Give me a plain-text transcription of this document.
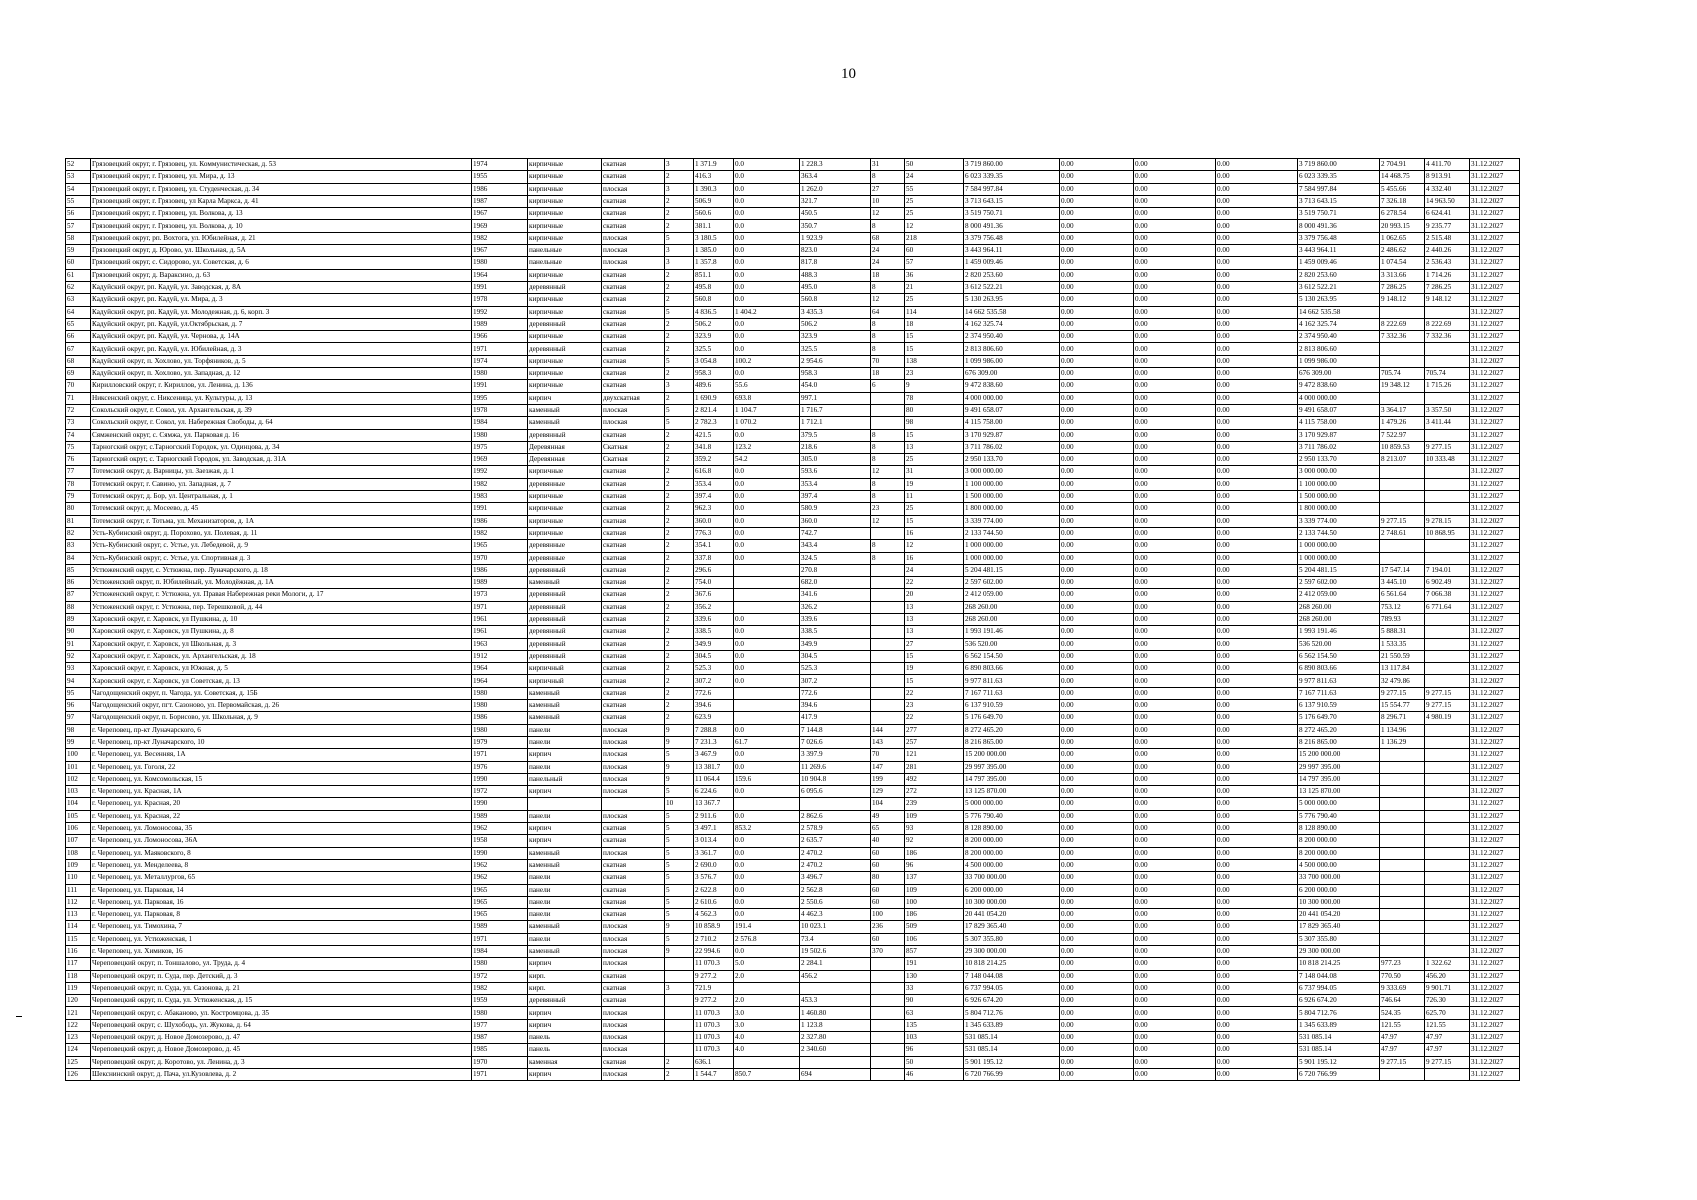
10
52	Грязовецкий округ, г. Грязовец, ул. Коммунистическая, д. 53	1974	кирпичные	скатная	3	1 371.9	0.0	1 228.3	31	50	3 719 860.00	0.00	0.00	0.00	3 719 860.00	2 704.91	4 411.70	31.12.2027
53	Грязовецкий округ, г. Грязовец, ул. Мира, д. 13	1955	кирпичные	скатная	2	416.3	0.0	363.4	8	24	6 023 339.35	0.00	0.00	0.00	6 023 339.35	14 468.75	8 913.91	31.12.2027
54	Грязовецкий округ, г. Грязовец, ул. Студенческая, д. 34	1986	кирпичные	плоская	3	1 390.3	0.0	1 262.0	27	55	7 584 997.84	0.00	0.00	0.00	7 584 997.84	5 455.66	4 332.40	31.12.2027
55	Грязовецкий округ, г. Грязовец, ул Карла Маркса, д. 41	1987	кирпичные	скатная	2	506.9	0.0	321.7	10	25	3 713 643.15	0.00	0.00	0.00	3 713 643.15	7 326.18	14 963.50	31.12.2027
56	Грязовецкий округ, г. Грязовец, ул. Волкова, д. 13	1967	кирпичные	скатная	2	560.6	0.0	450.5	12	25	3 519 750.71	0.00	0.00	0.00	3 519 750.71	6 278.54	6 624.41	31.12.2027
57	Грязовецкий округ, г. Грязовец, ул. Волкова, д. 10	1969	кирпичные	скатная	2	381.1	0.0	350.7	8	12	8 000 491.36	0.00	0.00	0.00	8 000 491.36	20 993.15	9 235.77	31.12.2027
58	Грязовецкий округ, рп. Вохтога, ул. Юбилейная, д. 21	1982	кирпичные	плоская	5	3 180.5	0.0	1 923.9	68	218	3 379 756.48	0.00	0.00	0.00	3 379 756.48	1 062.65	2 515.48	31.12.2027
59	Грязовецкий округ, д. Юрово, ул. Школьная, д. 5А	1967	панельные	плоская	3	1 385.0	0.0	823.0	24	60	3 443 964.11	0.00	0.00	0.00	3 443 964.11	2 486.62	2 440.26	31.12.2027
60	Грязовецкий округ, с. Сидорово, ул. Советская, д. 6	1980	панельные	плоская	3	1 357.8	0.0	817.8	24	57	1 459 009.46	0.00	0.00	0.00	1 459 009.46	1 074.54	2 536.43	31.12.2027
61	Грязовецкий округ, д. Вараксино, д. 63	1964	кирпичные	скатная	2	851.1	0.0	488.3	18	36	2 820 253.60	0.00	0.00	0.00	2 820 253.60	3 313.66	1 714.26	31.12.2027
62	Кадуйский округ, рп. Кадуй, ул. Заводская, д. 8А	1991	деревянный	скатная	2	495.8	0.0	495.0	8	21	3 612 522.21	0.00	0.00	0.00	3 612 522.21	7 286.25	7 286.25	31.12.2027
63	Кадуйский округ, рп. Кадуй, ул. Мира, д. 3	1978	кирпичные	скатная	2	560.8	0.0	560.8	12	25	5 130 263.95	0.00	0.00	0.00	5 130 263.95	9 148.12	9 148.12	31.12.2027
64	Кадуйский округ, рп. Кадуй, ул. Молодежная, д. 6, корп. 3	1992	кирпичные	скатная	5	4 836.5	1 404.2	3 435.3	64	114	14 662 535.58	0.00	0.00	0.00	14 662 535.58			31.12.2027
65	Кадуйский округ, рп. Кадуй, ул.Октябрьская, д. 7	1989	деревянный	скатная	2	506.2	0.0	506.2	8	18	4 162 325.74	0.00	0.00	0.00	4 162 325.74	8 222.69	8 222.69	31.12.2027
66	Кадуйский округ, рп. Кадуй, ул. Чернова, д. 14А	1966	кирпичные	скатная	2	323.9	0.0	323.9	8	15	2 374 950.40	0.00	0.00	0.00	2 374 950.40	7 332.36	7 332.36	31.12.2027
67	Кадуйский округ, рп. Кадуй, ул. Юбилейная, д. 3	1971	деревянный	скатная	2	325.5	0.0	325.5	8	15	2 813 806.60	0.00	0.00	0.00	2 813 806.60			31.12.2027
68	Кадуйский округ, п. Хохлово, ул. Торфяников, д. 5	1974	кирпичные	скатная	5	3 054.8	100.2	2 954.6	70	138	1 099 986.00	0.00	0.00	0.00	1 099 986.00			31.12.2027
69	Кадуйский округ, п. Хохлово, ул. Западная, д. 12	1980	кирпичные	скатная	2	958.3	0.0	958.3	18	23	676 309.00	0.00	0.00	0.00	676 309.00	705.74	705.74	31.12.2027
70	Кирилловский округ, г. Кириллов, ул. Ленина, д. 136	1991	кирпичные	скатная	3	489.6	55.6	454.0	6	9	9 472 838.60	0.00	0.00	0.00	9 472 838.60	19 348.12	1 715.26	31.12.2027
71	Никсенский округ, с. Никсеница, ул. Культуры, д. 13	1995	кирпич	двухскатная	2	1 690.9	693.8	997.1		78	4 000 000.00	0.00	0.00	0.00	4 000 000.00			31.12.2027
72	Сокольский округ, г. Сокол, ул. Архангельская, д. 39	1978	каменный	плоская	5	2 821.4	1 104.7	1 716.7		80	9 491 658.07	0.00	0.00	0.00	9 491 658.07	3 364.17	3 357.50	31.12.2027
73	Сокольский округ, г. Сокол, ул. Набережная Свободы, д. 64	1984	каменный	плоская	5	2 782.3	1 070.2	1 712.1		98	4 115 758.00	0.00	0.00	0.00	4 115 758.00	1 479.26	3 411.44	31.12.2027
74	Сямженский округ, с. Сямжа, ул. Парковая д. 16	1980	деревянный	скатная	2	421.5	0.0	379.5	8	15	3 170 929.87	0.00	0.00	0.00	3 170 929.87	7 522.97		31.12.2027
75	Тарногский округ, с.Тарногский Городок, ул. Одинцова, д. 34	1975	Деревянная	Скатная	2	341.8	123.2	218.6	8	13	3 711 786.02	0.00	0.00	0.00	3 711 786.02	10 859.53	9 277.15	31.12.2027
76	Тарногский округ, с. Тарногский Городок, ул. Заводская, д. 31А	1969	Деревянная	Скатная	2	359.2	54.2	305.0	8	25	2 950 133.70	0.00	0.00	0.00	2 950 133.70	8 213.07	10 333.48	31.12.2027
77	Тотемский округ, д. Варницы, ул. Заезжая, д. 1	1992	кирпичные	скатная	2	616.8	0.0	593.6	12	31	3 000 000.00	0.00	0.00	0.00	3 000 000.00			31.12.2027
78	Тотемский округ, г. Савино, ул. Западная, д. 7	1982	деревянные	скатная	2	353.4	0.0	353.4	8	19	1 100 000.00	0.00	0.00	0.00	1 100 000.00			31.12.2027
79	Тотемский округ, д. Бор, ул. Центральная, д. 1	1983	кирпичные	скатная	2	397.4	0.0	397.4	8	11	1 500 000.00	0.00	0.00	0.00	1 500 000.00			31.12.2027
80	Тотемский округ, д. Мосеево, д. 45	1991	кирпичные	скатная	2	962.3	0.0	580.9	23	25	1 800 000.00	0.00	0.00	0.00	1 800 000.00			31.12.2027
81	Тотемский округ, г. Тотьма, ул. Механизаторов, д. 1А	1986	кирпичные	скатная	2	360.0	0.0	360.0	12	15	3 339 774.00	0.00	0.00	0.00	3 339 774.00	9 277.15	9 278.15	31.12.2027
82	Усть-Кубинский округ, д. Порохово, ул. Полевая, д. 11	1982	кирпичные	скатная	2	776.3	0.0	742.7		16	2 133 744.50	0.00	0.00	0.00	2 133 744.50	2 748.61	10 868.95	31.12.2027
83	Усть-Кубинский округ, с. Устье, ул. Лебедевой, д. 9	1965	деревянные	скатная	2	354.1	0.0	343.4	8	12	1 000 000.00	0.00	0.00	0.00	1 000 000.00			31.12.2027
84	Усть-Кубинский округ, с. Устье, ул. Спортивная д. 3	1970	деревянные	скатная	2	337.8	0.0	324.5	8	16	1 000 000.00	0.00	0.00	0.00	1 000 000.00			31.12.2027
85	Устюженский округ, с. Устюжна, пер. Луначарского, д. 18	1986	деревянный	скатная	2	296.6		270.8		24	5 204 481.15	0.00	0.00	0.00	5 204 481.15	17 547.14	7 194.01	31.12.2027
86	Устюженский округ, п. Юбилейный, ул. Молодёжная, д. 1А	1989	каменный	скатная	2	754.0		682.0		22	2 597 602.00	0.00	0.00	0.00	2 597 602.00	3 445.10	6 902.49	31.12.2027
87	Устюженский округ, г. Устюжна, ул. Правая Набережная реки Мологи, д. 17	1973	деревянный	скатная	2	367.6		341.6		20	2 412 059.00	0.00	0.00	0.00	2 412 059.00	6 561.64	7 066.38	31.12.2027
88	Устюженский округ, г. Устюжна, пер. Терешковой, д. 44	1971	деревянный	скатная	2	356.2		326.2		13	268 260.00	0.00	0.00	0.00	268 260.00	753.12	6 771.64	31.12.2027
89	Харовский округ, г. Харовск, ул Пушкина, д. 10	1961	деревянный	скатная	2	339.6	0.0	339.6		13	268 260.00	0.00	0.00	0.00	268 260.00	789.93		31.12.2027
90	Харовский округ, г. Харовск, ул Пушкина, д. 8	1961	деревянный	скатная	2	338.5	0.0	338.5		13	1 993 191.46	0.00	0.00	0.00	1 993 191.46	5 888.31		31.12.2027
91	Харовский округ, г. Харовск, ул Школьная, д. 3	1963	деревянный	скатная	2	349.9	0.0	349.9		27	536 520.00	0.00	0.00	0.00	536 520.00	1 533.35		31.12.2027
92	Харовский округ, г. Харовск, ул. Архангельская, д. 18	1912	деревянный	скатная	2	304.5	0.0	304.5		15	6 562 154.50	0.00	0.00	0.00	6 562 154.50	21 550.59		31.12.2027
93	Харовский округ, г. Харовск, ул Южная, д. 5	1964	кирпичный	скатная	2	525.3	0.0	525.3		19	6 890 803.66	0.00	0.00	0.00	6 890 803.66	13 117.84		31.12.2027
94	Харовский округ, г. Харовск, ул Советская, д. 13	1964	кирпичный	скатная	2	307.2	0.0	307.2		15	9 977 811.63	0.00	0.00	0.00	9 977 811.63	32 479.86		31.12.2027
95	Чагодощенский округ, п. Чагода, ул. Советская, д. 15Б	1980	каменный	скатная	2	772.6		772.6		22	7 167 711.63	0.00	0.00	0.00	7 167 711.63	9 277.15	9 277.15	31.12.2027
96	Чагодощенский округ, пгт. Сазоново, ул. Первомайская, д. 26	1980	каменный	скатная	2	394.6		394.6		23	6 137 910.59	0.00	0.00	0.00	6 137 910.59	15 554.77	9 277.15	31.12.2027
97	Чагодощенский округ, п. Борисово, ул. Школьная, д. 9	1986	каменный	скатная	2	623.9		417.9		22	5 176 649.70	0.00	0.00	0.00	5 176 649.70	8 296.71	4 980.19	31.12.2027
98	г. Череповец, пр-кт Луначарского, 6	1980	панели	плоская	9	7 288.8	0.0	7 144.8	144	277	8 272 465.20	0.00	0.00	0.00	8 272 465.20	1 134.96		31.12.2027
99	г. Череповец, пр-кт Луначарского, 10	1979	панели	плоская	9	7 231.3	61.7	7 026.6	143	257	8 216 865.00	0.00	0.00	0.00	8 216 865.00	1 136.29		31.12.2027
100	г. Череповец, ул. Весенняя, 1А	1971	кирпич	плоская	5	3 467.9	0.0	3 397.9	70	121	15 200 000.00	0.00	0.00	0.00	15 200 000.00			31.12.2027
101	г. Череповец, ул. Гоголя, 22	1976	панели	плоская	9	13 381.7	0.0	11 269.6	147	281	29 997 395.00	0.00	0.00	0.00	29 997 395.00			31.12.2027
102	г. Череповец, ул. Комсомольская, 15	1990	панельный	плоская	9	11 064.4	159.6	10 904.8	199	492	14 797 395.00	0.00	0.00	0.00	14 797 395.00			31.12.2027
103	г. Череповец, ул. Красная, 1А	1972	кирпич	плоская	5	6 224.6	0.0	6 095.6	129	272	13 125 870.00	0.00	0.00	0.00	13 125 870.00			31.12.2027
104	г. Череповец, ул. Красная, 20	1990			10	13 367.7			104	239	5 000 000.00	0.00	0.00	0.00	5 000 000.00			31.12.2027
105	г. Череповец, ул. Красная, 22	1989	панели	плоская	5	2 911.6	0.0	2 862.6	49	109	5 776 790.40	0.00	0.00	0.00	5 776 790.40			31.12.2027
106	г. Череповец, ул. Ломоносова, 35	1962	кирпич	скатная	5	3 497.1	853.2	2 578.9	65	93	8 128 890.00	0.00	0.00	0.00	8 128 890.00			31.12.2027
107	г. Череповец, ул. Ломоносова, 36А	1958	кирпич	скатная	5	3 013.4	0.0	2 635.7	40	92	8 200 000.00	0.00	0.00	0.00	8 200 000.00			31.12.2027
108	г. Череповец, ул. Маяковского, 8	1990	каменный	плоская	5	3 361.7	0.0	2 470.2	60	186	8 200 000.00	0.00	0.00	0.00	8 200 000.00			31.12.2027
109	г. Череповец, ул. Менделеева, 8	1962	каменный	скатная	5	2 690.0	0.0	2 470.2	60	96	4 500 000.00	0.00	0.00	0.00	4 500 000.00			31.12.2027
110	г. Череповец, ул. Металлургов, 65	1962	панели	скатная	5	3 576.7	0.0	3 496.7	80	137	33 700 000.00	0.00	0.00	0.00	33 700 000.00			31.12.2027
111	г. Череповец, ул. Парковая, 14	1965	панели	скатная	5	2 622.8	0.0	2 562.8	60	109	6 200 000.00	0.00	0.00	0.00	6 200 000.00			31.12.2027
112	г. Череповец, ул. Парковая, 16	1965	панели	скатная	5	2 610.6	0.0	2 550.6	60	100	10 300 000.00	0.00	0.00	0.00	10 300 000.00			31.12.2027
113	г. Череповец, ул. Парковая, 8	1965	панели	скатная	5	4 562.3	0.0	4 462.3	100	186	20 441 054.20	0.00	0.00	0.00	20 441 054.20			31.12.2027
114	г. Череповец, ул. Тимохина, 7	1989	каменный	плоская	9	10 858.9	191.4	10 023.1	236	509	17 829 365.40	0.00	0.00	0.00	17 829 365.40			31.12.2027
115	г. Череповец, ул. Устюженская, 1	1971	панели	плоская	5	2 710.2	2 576.8	73.4	60	106	5 307 355.80	0.00	0.00	0.00	5 307 355.80			31.12.2027
116	г. Череповец, ул. Химиков, 16	1984	каменный	плоская	9	22 994.6	0.0	19 502.6	370	857	29 300 000.00	0.00	0.00	0.00	29 300 000.00			31.12.2027
117	Череповецкий округ, п. Тоншалово, ул. Труда, д. 4	1980	кирпич	плоская		11 070.3	5.0	2 284.1		191	10 818 214.25	0.00	0.00	0.00	10 818 214.25	977.23	1 322.62	31.12.2027
118	Череповецкий округ, п. Суда, пер. Детский, д. 3	1972	кирп.	скатная		9 277.2	2.0	456.2		130	7 148 044.08	0.00	0.00	0.00	7 148 044.08	770.50	456.20	31.12.2027
119	Череповецкий округ, п. Суда, ул. Сазонова, д. 21	1982	кирп.	скатная	3	721.9				33	6 737 994.05	0.00	0.00	0.00	6 737 994.05	9 333.69	9 901.71	31.12.2027
120	Череповецкий округ, п. Суда, ул. Устюженская, д. 15	1959	деревянный	скатная		9 277.2	2.0	453.3		90	6 926 674.20	0.00	0.00	0.00	6 926 674.20	746.64	726.30	31.12.2027
121	Череповецкий округ, с. Абаканово, ул. Костромцова, д. 35	1980	кирпич	плоская		11 070.3	3.0	1 460.80		63	5 804 712.76	0.00	0.00	0.00	5 804 712.76	524.35	625.70	31.12.2027
122	Череповецкий округ, с. Шухободь, ул. Жукова, д. 64	1977	кирпич	плоская		11 070.3	3.0	1 123.8		135	1 345 633.89	0.00	0.00	0.00	1 345 633.89	121.55	121.55	31.12.2027
123	Череповецкий округ, д. Новое Домозерово, д. 47	1987	панель	плоская		11 070.3	4.0	2 327.80		103	531 085.14	0.00	0.00	0.00	531 085.14	47.97	47.97	31.12.2027
124	Череповецкий округ, д. Новое Домозерово, д. 45	1985	панель	плоская		11 070.3	4.0	2 340.60		96	531 085.14	0.00	0.00	0.00	531 085.14	47.97	47.97	31.12.2027
125	Череповецкий округ, д. Коротово, ул. Ленина, д. 3	1970	каменная	скатная	2	636.1				50	5 901 195.12	0.00	0.00	0.00	5 901 195.12	9 277.15	9 277.15	31.12.2027
126	Шекснинский округ, д. Пача, ул.Кузовлева, д. 2	1971	кирпич	плоская	2	1 544.7	850.7	694		46	6 720 766.99	0.00	0.00	0.00	6 720 766.99			31.12.2027
